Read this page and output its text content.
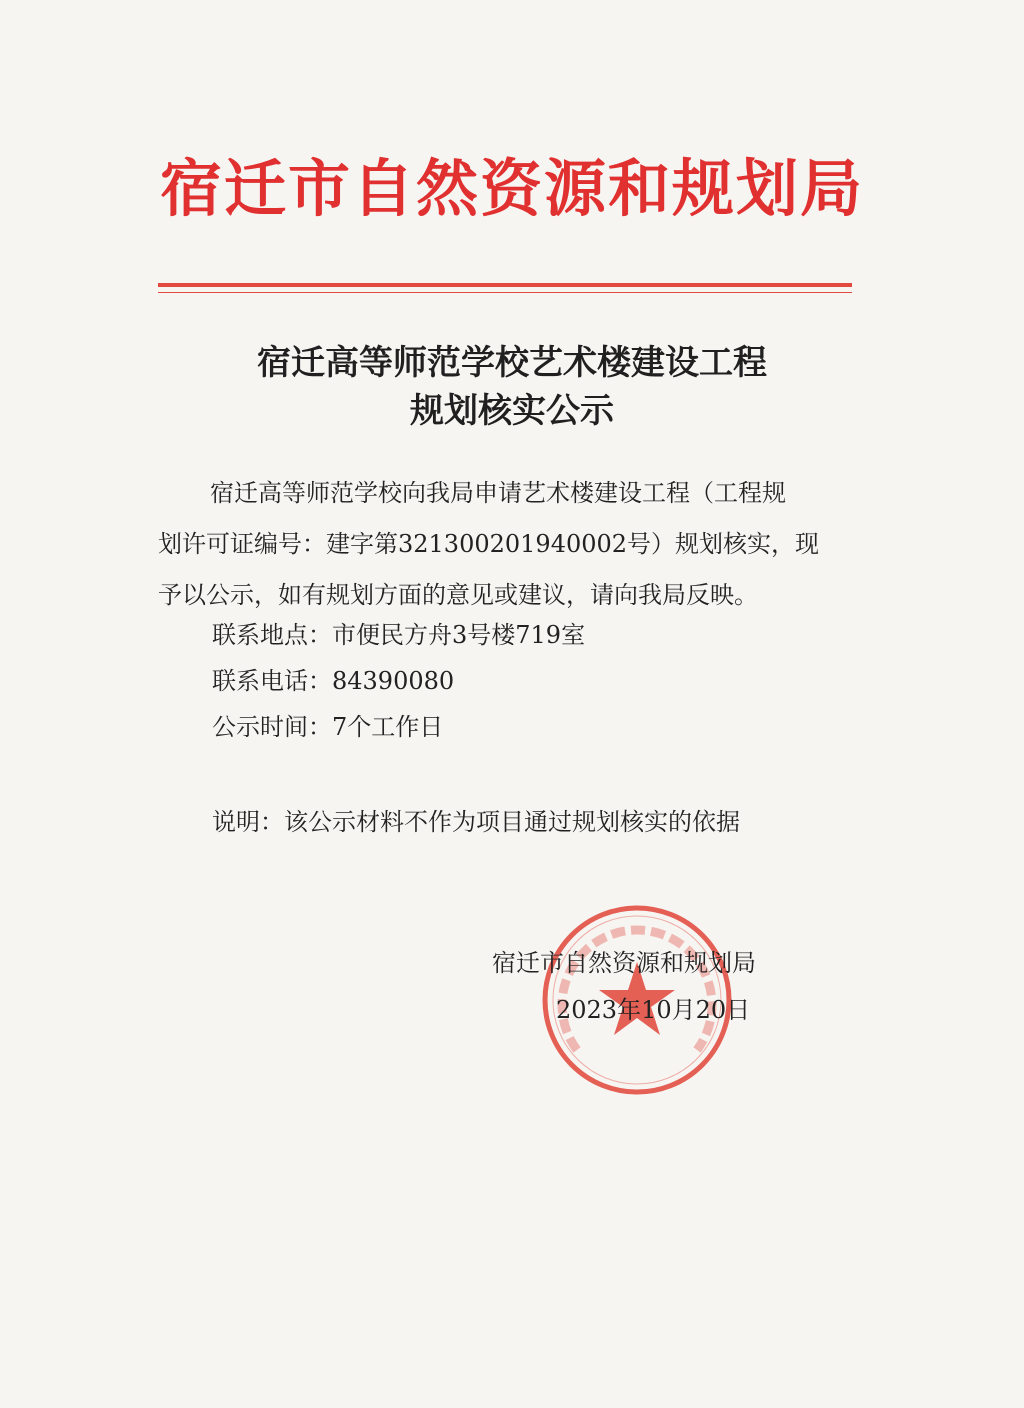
宿迁市自然资源和规划局
宿迁高等师范学校艺术楼建设工程
规划核实公示
宿迁高等师范学校向我局申请艺术楼建设工程（工程规
划许可证编号：建字第321300201940002号）规划核实，现
予以公示，如有规划方面的意见或建议，请向我局反映。
联系地点：市便民方舟3号楼719室
联系电话：84390080
公示时间：7个工作日
说明：该公示材料不作为项目通过规划核实的依据
宿迁市自然资源和规划局
2023年10月20日
